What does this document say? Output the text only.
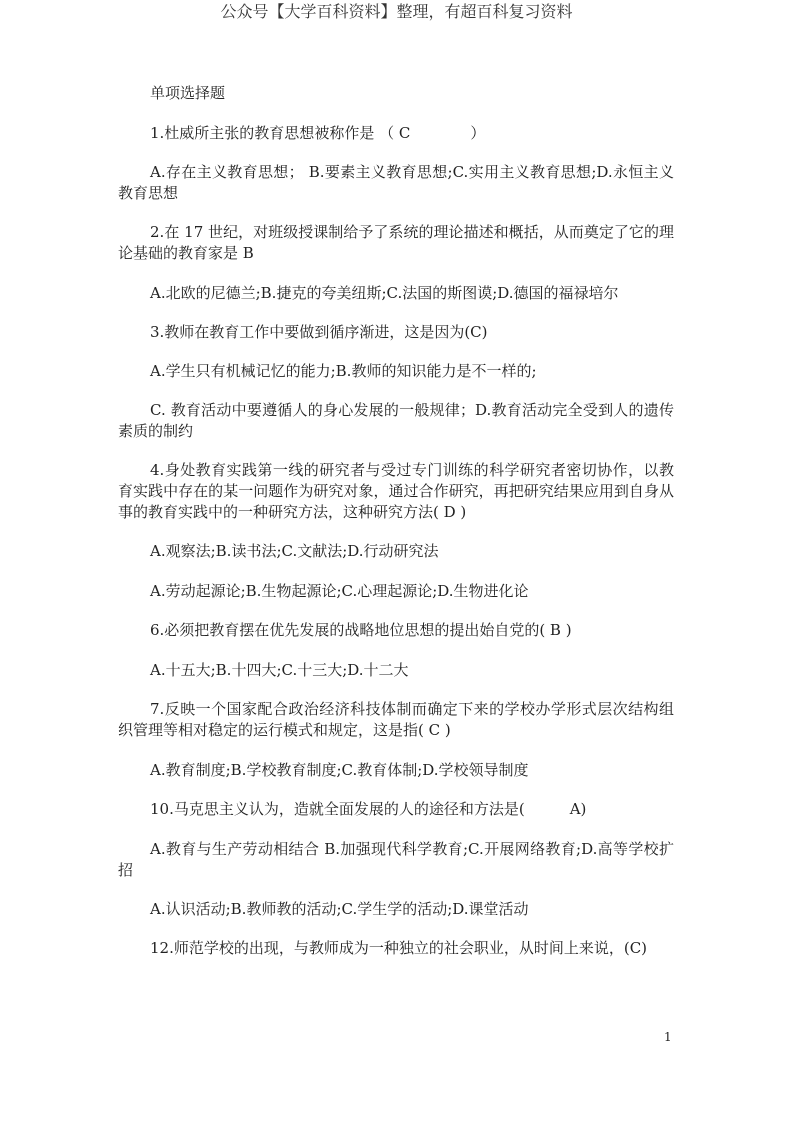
公众号【大学百科资料】整理，有超百科复习资料
单项选择题
1.杜威所主张的教育思想被称作是 （ C　　　　）
A.存在主义教育思想； B.要素主义教育思想;C.实用主义教育思想;D.永恒主义教育思想
2.在 17 世纪，对班级授课制给予了系统的理论描述和概括，从而奠定了它的理论基础的教育家是 B
A.北欧的尼德兰;B.捷克的夸美纽斯;C.法国的斯图谟;D.德国的福禄培尔
3.教师在教育工作中要做到循序渐进，这是因为(C)
A.学生只有机械记忆的能力;B.教师的知识能力是不一样的;
C. 教育活动中要遵循人的身心发展的一般规律；D.教育活动完全受到人的遗传素质的制约
4.身处教育实践第一线的研究者与受过专门训练的科学研究者密切协作，以教育实践中存在的某一问题作为研究对象，通过合作研究，再把研究结果应用到自身从事的教育实践中的一种研究方法，这种研究方法( D )
A.观察法;B.读书法;C.文献法;D.行动研究法
A.劳动起源论;B.生物起源论;C.心理起源论;D.生物进化论
6.必须把教育摆在优先发展的战略地位思想的提出始自党的( B )
A.十五大;B.十四大;C.十三大;D.十二大
7.反映一个国家配合政治经济科技体制而确定下来的学校办学形式层次结构组织管理等相对稳定的运行模式和规定，这是指( C )
A.教育制度;B.学校教育制度;C.教育体制;D.学校领导制度
10.马克思主义认为，造就全面发展的人的途径和方法是(　　　A)
A.教育与生产劳动相结合 B.加强现代科学教育;C.开展网络教育;D.高等学校扩招
A.认识活动;B.教师教的活动;C.学生学的活动;D.课堂活动
12.师范学校的出现，与教师成为一种独立的社会职业，从时间上来说，(C)
1
